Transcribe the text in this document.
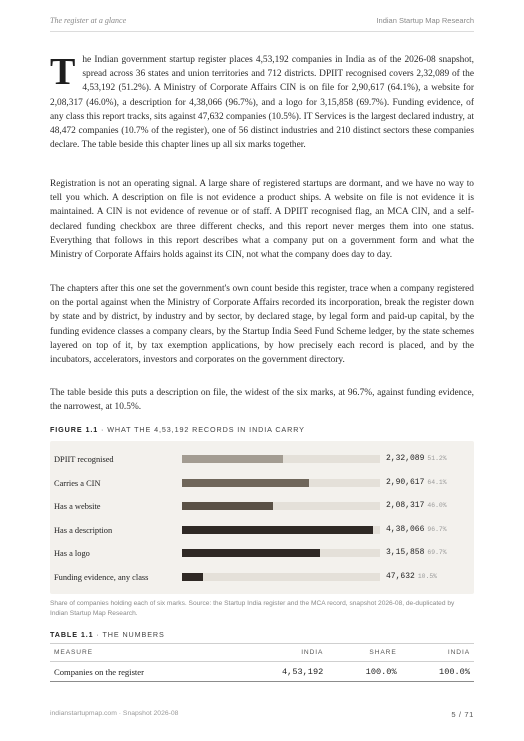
The register at a glance	Indian Startup Map Research

The Indian government startup register places 4,53,192 companies in India as of the 2026-08 snapshot, spread across 36 states and union territories and 712 districts. DPIIT recognised covers 2,32,089 of the 4,53,192 (51.2%). A Ministry of Corporate Affairs CIN is on file for 2,90,617 (64.1%), a website for 2,08,317 (46.0%), a description for 4,38,066 (96.7%), and a logo for 3,15,858 (69.7%). Funding evidence, of any class this report tracks, sits against 47,632 companies (10.5%). IT Services is the largest declared industry, at 48,472 companies (10.7% of the register), one of 56 distinct industries and 210 distinct sectors these companies declare. The table beside this chapter lines up all six marks together.

Registration is not an operating signal. A large share of registered startups are dormant, and we have no way to tell you which. A description on file is not evidence a product ships. A website on file is not evidence it is maintained. A CIN is not evidence of revenue or of staff. A DPIIT recognised flag, an MCA CIN, and a self-declared funding checkbox are three different checks, and this report never merges them into one status. Everything that follows in this report describes what a company put on a government form and what the Ministry of Corporate Affairs holds against its CIN, not what the company does day to day.

The chapters after this one set the government's own count beside this register, trace when a company registered on the portal against when the Ministry of Corporate Affairs recorded its incorporation, break the register down by state and by district, by industry and by sector, by declared stage, by legal form and paid-up capital, by the funding evidence classes a company clears, by the Startup India Seed Fund Scheme ledger, by the state schemes layered on top of it, by tax exemption applications, by how precisely each record is placed, and by the incubators, accelerators, investors and corporates on the government directory.

The table beside this puts a description on file, the widest of the six marks, at 96.7%, against funding evidence, the narrowest, at 10.5%.

FIGURE 1.1 · WHAT THE 4,53,192 RECORDS IN INDIA CARRY
DPIIT recognised	2,32,089 51.2%
Carries a CIN	2,90,617 64.1%
Has a website	2,08,317 46.0%
Has a description	4,38,066 96.7%
Has a logo	3,15,858 69.7%
Funding evidence, any class	47,632 10.5%
Share of companies holding each of six marks. Source: the Startup India register and the MCA record, snapshot 2026-08, de-duplicated by Indian Startup Map Research.
TABLE 1.1 · THE NUMBERS
MEASURE	INDIA	SHARE	INDIA
Companies on the register	4,53,192	100.0%	100.0%
indianstartupmap.com · Snapshot 2026-08	5 / 71
